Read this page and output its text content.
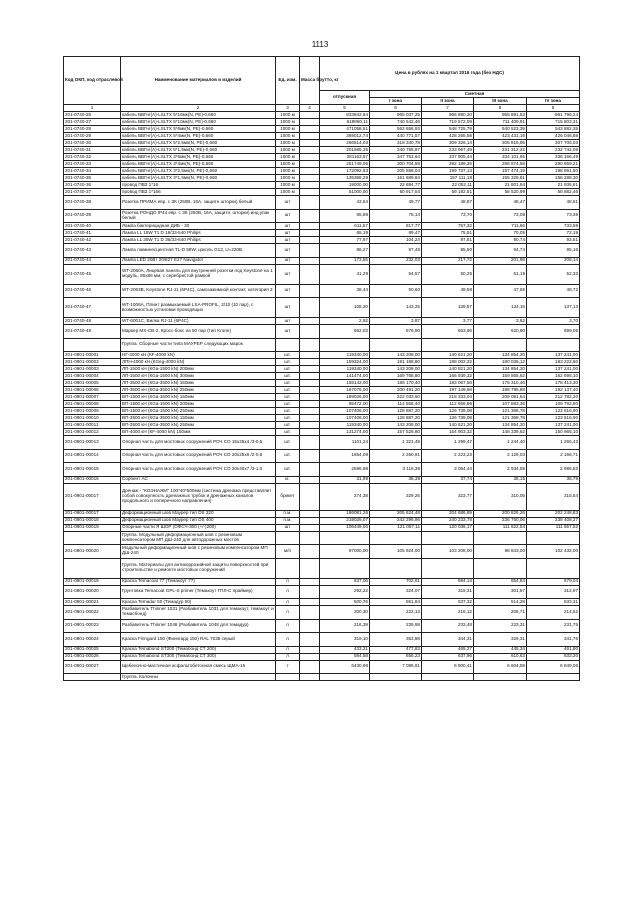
1113
Код ОКП, код отраслевой	Наименование материалов и изделий	Ед. изм.	Масса брутто, кг	Цена в рублях на 1 квартал 2016 года (без НДС)				
				отпускная	Сметная			
					I зона	II зона	III зона	IV зона
1	2	3	4	5	6	7	8	9
201-0740-26	кабель ВВГнг(А)-LSLTX 5*16мк(N, PE)-0,660	1000 м		833842,64	965 037,25	966 880,20	955 891,53	961 796,24
201-0740-27	кабель ВВГнг(А)-LSLTX 5*10мк(N, PE)-0,660	1000 м		619860,11	740 542,46	719 572,09	711 409,81	715 803,31
201-0740-28	кабель ВВГнг(А)-LSLTX 5*6мк(N, PE)-0,660	1000 м		471058,51	562 658,93	548 725,79	540 523,39	543 882,35
201-0740-29	кабель ВВГнг(А)-LSLTX 5*4мк(N, PE)-0,660	1000 м		369012,74	440 771,57	428 265,58	423 431,19	426 046,88
201-0740-30	кабель ВВГнг(А)-LSLTX 5*2,5мк(N, PE)-0,660	1000 м		266514,03	318 340,78	309 326,14	305 816,95	307 706,03
201-0740-31	кабель ВВГнг(А)-LSLTX 5*1,5мк(N, PE)-0,660	1000 м		201585,35	240 785,97	233 967,49	231 312,22	232 742,08
201-0740-32	кабель ВВГнг(А)-LSLTX 3*6мк(N, PE)-0,660	1000 м		281163,57	347 753,64	337 905,44	334 101,65	336 166,49
201-0740-33	кабель ВВГнг(А)-LSLTX 3*4мк(N, PE)-0,660	1000 м		251749,05	300 704,59	292 189,35	288 874,58	290 659,21
201-0740-34	кабель ВВГнг(А)-LSLTX 3*2,5мк(N, PE)-0,660	1000 м		172092,63	205 558,04	199 737,13	197 474,19	198 691,50
201-0740-35	кабель ВВГнг(А)-LSLTX 3*1,5мк(N, PE)-0,660	1000 м		135368,29	161 689,84	157 111,18	155 329,81	156 288,30
201-0740-36	провод ПВЗ 1*16	1000 м		19000,00	22 694,77	22 052,11	21 801,94	21 936,61
201-0740-37	провод ПВЗ 1*166	1000 м		51000,00	60 917,54	59 192,51	58 520,99	58 882,46
201-0740-38	Розетка ПРИМА евр. с ЗК (250В, 16А, защитн шторки) белый	шт		43,64	49,77	48,87	48,47	48,61
201-0740-39	Розетка РОНДО IP44 евр. с ЗК (250В, 16А, защитн. шторки) инд.упак белый	шт		65,89	75,14	73,70	73,08	73,39
201-0740-40	Лампа бактерицидная ДИБ - 30	шт		611,57	817,77	757,32	711,66	733,59
201-0740-41	Лампа LL 18W T1 D 18/33-540 Philips	шт		65,19	89,47	75,51	70,05	72,19
201-0740-42	Лампа LL 36W T1 D 36/33-640 Philips	шт		77,97	104,24	97,81	90,74	93,51
201-0740-43	Лампа люминесцентная TL-D 58W, цоколь G13, U=220В	шт		86,27	97,45	95,50	94,74	95,16
201-0740-44	Лампа LED 20Вт 20/827 E27 Navigator	шт		173,55	232,03	217,72	201,98	208,14
201-0740-45	WT-2060A, Лицевая панель для внутренней розетки под Keystone на 1 модуль, 86х86 мм, с серебристой рамкой	шт		41,29	54,57	50,25	51,19	52,33
201-0740-46	WT-2063B, Keystone RJ-11 (6P4C), самозажимной контакт, категория 3	шт		38,44	50,60	49,58	47,65	48,72
201-0740-47	WT-1006A, Плинт размыкаемый LSA-PROFIL, 2/10 (10 пар), с возможностью установки проводящих	шт		108,20	143,25	139,57	134,15	137,13
201-0740-48	WT-6001C, Вилка RJ-11 (6P4C)	шт		2,92	3,87	3,77	3,62	3,70
201-0740-49	Маркер МХ-СВ-2, Кросс-бокс на 50 пар (тип Krone)	шт		662,03	676,50	663,96	620,60	699,06
	Группа. Сборные части типа МАУРЕР следующих марок							
201-0901-00001	НГ-4000 кН (КF-4000 kN)	шт.		119340,00	143 208,00	140 621,20	134 854,20	137 241,00
201-0901-00002	ЛПН-4000 кН (КGeg-4000 kN)	шт.		159324,00	191 188,80	188 002,32	180 036,12	183 222,60
201-0901-00003	ЛП-1500 кН (КGa-1500 kN) 200мм	шт.		119340,00	143 208,00	140 821,20	134 854,20	137 241,00
201-0901-00004	ЛП-1500 кН (КGa-1500 kN) 300мм	шт.		141474,00	169 768,80	166 939,32	159 865,62	162 695,10
201-0901-00005	ЛП-3500 кН (КGa-3500 kN) 150мм	шт.		155142,00	186 170,40	183 067,56	175 310,46	178 413,30
201-0901-00006	ЛП-3500 кН (КGa-3500 kN) 250мм	шт.		167076,00	200 491,20	197 149,68	188 795,88	192 137,40
201-0901-00007	ВП-1500 кН (КGa-1500 kN) 150мм	шт.		189026,00	222 033,60	218 333,04	209 081,64	212 782,20
201-0901-00008	ВП-1500 кН (КGa-1500 kN) 200мм	шт.		95472,00	114 566,40	112 656,96	107 883,36	109 792,80
201-0901-00009	ВП-1500 кН (КGa-1500 kN) 250мм	шт.		107406,00	128 887,20	126 739,08	121 368,78	123 516,90
201-0901-00010	ВП-3500 кН (КGa-3500 kN) 150мм	шт.		107406,00	128 887,20	126 739,08	121 368,78	123 516,90
201-0901-00011	ВП-3500 кН (КGa-3500 kN) 250мм	шт.		119340,00	143 208,00	140 621,20	134 854,20	137 241,00
201-0901-00012	ВП-4000 кН (КF-4000 kN) 150мм	шт.		131274,00	157 528,80	154 903,32	148 339,62	150 965,10
201-0901-00013	Опорная часть для мостовых сооружений РОЧ СО 15х25х4 /3-0,5	шт.		1101,24	1 321,49	1 299,47	1 244,40	1 266,43
201-0901-00014	Опорная часть для мостовых сооружений РОЧ СО 20х25х6 /2-0,8	шт.		1854,09	2 260,91	2 223,23	2 129,03	2 166,71
201-0901-00015	Опорная часть для мостовых сооружений РОЧ СО 20х40х7 /3-1,0	шт.		2596,98	3 116,38	3 064,44	2 934,59	2 986,53
201-0901-00016	Сорбент АС	кг.		31,99	38,38	37,74	36,15	36,79
201-0901-00017	Дренаж - "КОЭНАЖИ" 100*40*500мм (система дренажа представляет собой совокупность дренажных трубок и дренажных каналов продольного и поперечного направления)	брикет		274,38	329,26	323,77	310,05	315,54
201-0901-00017	Деформационный шов Маурер тип DS 320	п.м.		186081,26	205 624,48	204 686,89	200 826,26	202 248,83
201-0901-00018	Деформационный шов Маурер тип DS 400	п.м.		219026,07	242 296,96	240 233,78	236 760,06	238 408,27
201-0901-00019	Опорные части Я ШОР (ОФСЧ-300 (+/-)200)	шт		106449,00	121 057,11	120 036,17	111 622,54	111 657,52
	Группа. Модульный деформационный шов с резиновым компенсатором МП ДШ-240 для автодорожных мостов							
201-0901-00020	Модульный деформационный шов с резиновым компенсатором МП ДШ-240	м/п		97000,00	105 924,00	103 208,00	98 843,00	102 432,00
	Группа. Материалы для антикоррозийной защиты поверхностей при строительстве и ремонте мостовых сооружений							
201-0901-00019	Краска Temacoat 77 (Темакоут 77)	л		637,06	702,61	684,14	654,84	679,04
201-0901-00020	Грунтовка Temacoat GPL-S primer (Темакоут ГПЛ-С праймер)	л		292,22	324,07	315,31	301,57	312,97
201-0901-00021	Краска Temadur 50 (Темадур 50)	л		500,76	551,84	537,32	514,28	533,31
201-0901-00022	Разбавитель Thinner 1031 (Разбавитель 1031 для темакоут, темакоут и темасбонд)	л		200,30	222,13	216,12	206,71	214,52
201-0901-00023	Разбавитель Thinner 1048 (Разбавитель 1048 для темадур)	л		216,39	239,98	233,48	223,31	231,75
201-0901-00024	Краска Finngard 150 (Финнгард 150) RAL 7035 серый	л		319,10	353,88	344,31	329,31	341,76
201-0901-00025	Краска Temabond ST200 (Темабонд СТ 200)	л		433,21	477,83	465,27	445,34	461,80
201-0901-00026	Краска Temabond ST300 (Темабонд СТ 300)	л		594,58	656,23	637,96	610,63	633,20
201-0901-00027	Щебеночно-мастичная асфальтобетонная смесь ЩМА-15	т		6430,98	7 086,91	6 900,41	6 604,59	6 849,06
	Группа. Колонны							
